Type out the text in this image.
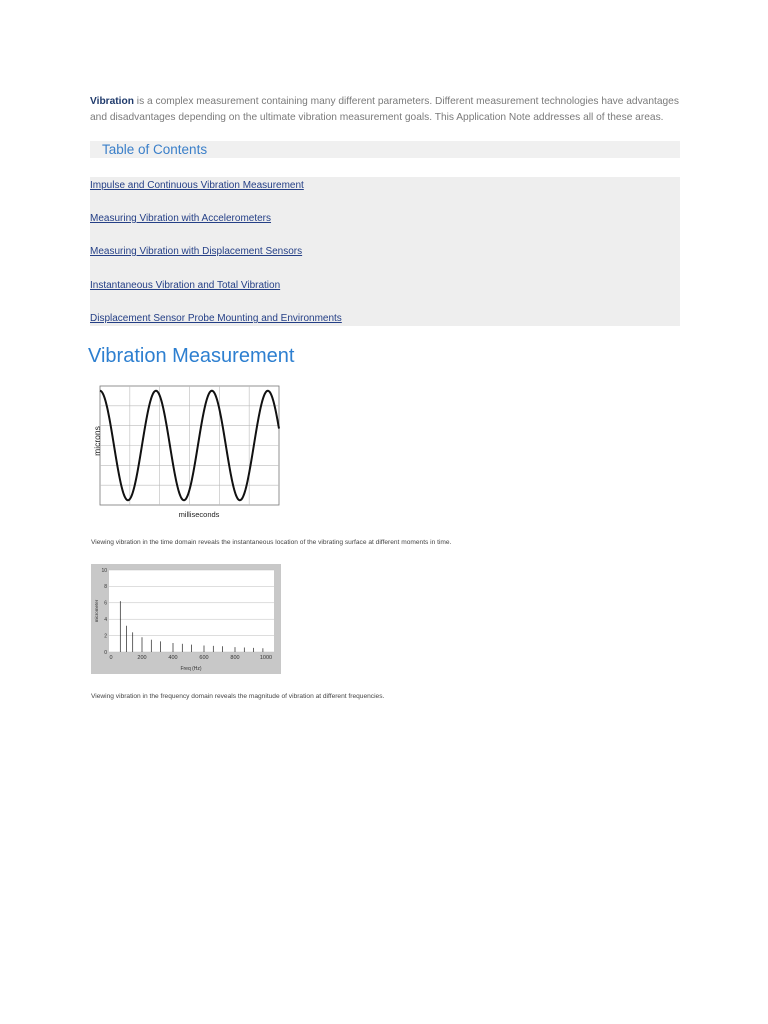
Vibration is a complex measurement containing many different parameters. Different measurement technologies have advantages and disadvantages depending on the ultimate vibration measurement goals. This Application Note addresses all of these areas.

Table of Contents
Impulse and Continuous Vibration Measurement
Measuring Vibration with Accelerometers
Measuring Vibration with Displacement Sensors
Instantaneous Vibration and Total Vibration
Displacement Sensor Probe Mounting and Environments
Vibration Measurement
microns
milliseconds

Viewing vibration in the time domain reveals the instantaneous location of the vibrating surface at different moments in time.

0	200	400	600	800	1000
0
2
4
6
8
10
micrometer
Freq (Hz)

Viewing vibration in the frequency domain reveals the magnitude of vibration at different frequencies.
